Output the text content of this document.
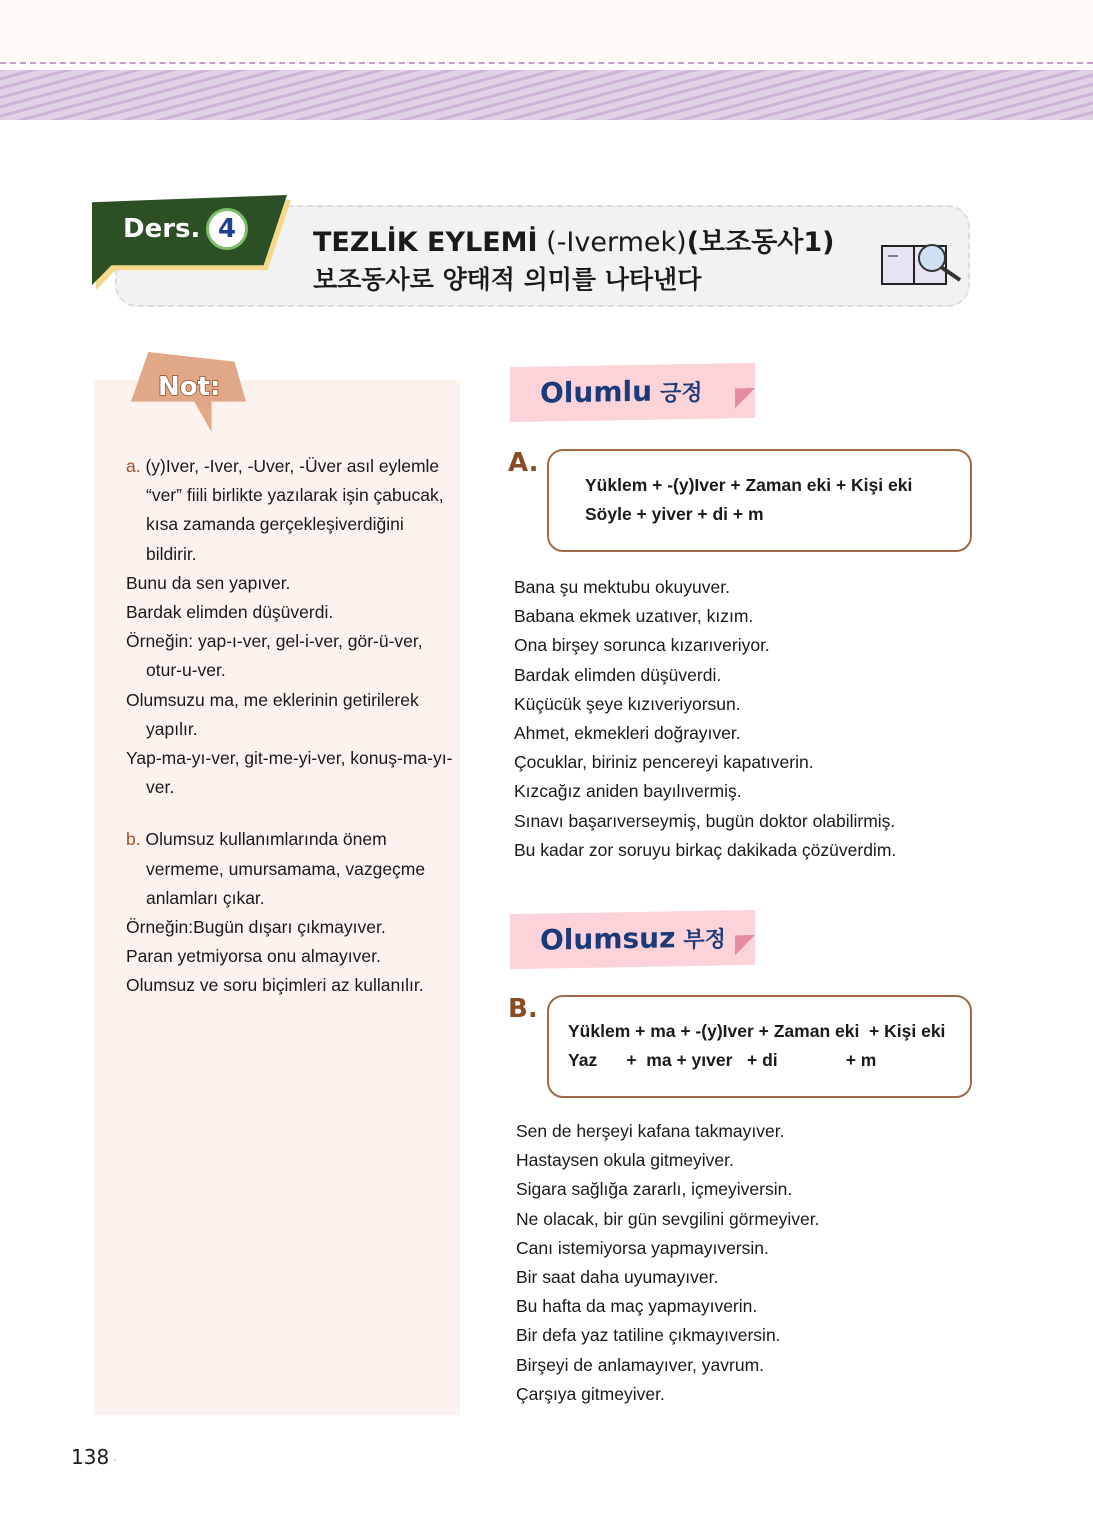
Ders. 4	TEZLİK EYLEMİ (-Ivermek)(보조동사1)
보조동사로 양태적 의미를 나타낸다
Not:

a. (y)Iver, -Iver, -Uver, -Üver asıl eylemle “ver” fiili birlikte yazılarak işin çabucak, kısa zamanda gerçekleşiverdiğini bildirir.

Bunu da sen yapıver.

Bardak elimden düşüverdi.

Örneğin: yap-ı-ver, gel-i-ver, gör-ü-ver, otur-u-ver.

Olumsuzu ma, me eklerinin getirilerek yapılır.

Yap-ma-yı-ver, git-me-yi-ver, konuş-ma-yı-ver.

b. Olumsuz kullanımlarında önem vermeme, umursamama, vazgeçme anlamları çıkar.

Örneğin:Bugün dışarı çıkmayıver.

Paran yetmiyorsa onu almayıver.

Olumsuz ve soru biçimleri az kullanılır.

Olumlu 긍정
A.
Yüklem + -(y)Iver + Zaman eki + Kişi eki
Söyle + yiver + di + m
Bana şu mektubu okuyuver.
Babana ekmek uzatıver, kızım.
Ona birşey sorunca kızarıveriyor.
Bardak elimden düşüverdi.
Küçücük şeye kızıveriyorsun.
Ahmet, ekmekleri doğrayıver.
Çocuklar, biriniz pencereyi kapatıverin.
Kızcağız aniden bayılıvermiş.
Sınavı başarıverseymiş, bugün doktor olabilirmiş.
Bu kadar zor soruyu birkaç dakikada çözüverdim.
Olumsuz 부정
B.
Yüklem + ma + -(y)Iver + Zaman eki  + Kişi eki
Yaz      +  ma + yıver   + di              + m
Sen de herşeyi kafana takmayıver.
Hastaysen okula gitmeyiver.
Sigara sağlığa zararlı, içmeyiversin.
Ne olacak, bir gün sevgilini görmeyiver.
Canı istemiyorsa yapmayıversin.
Bir saat daha uyumayıver.
Bu hafta da maç yapmayıverin.
Bir defa yaz tatiline çıkmayıversin.
Birşeyi de anlamayıver, yavrum.
Çarşıya gitmeyiver.
138 ·
